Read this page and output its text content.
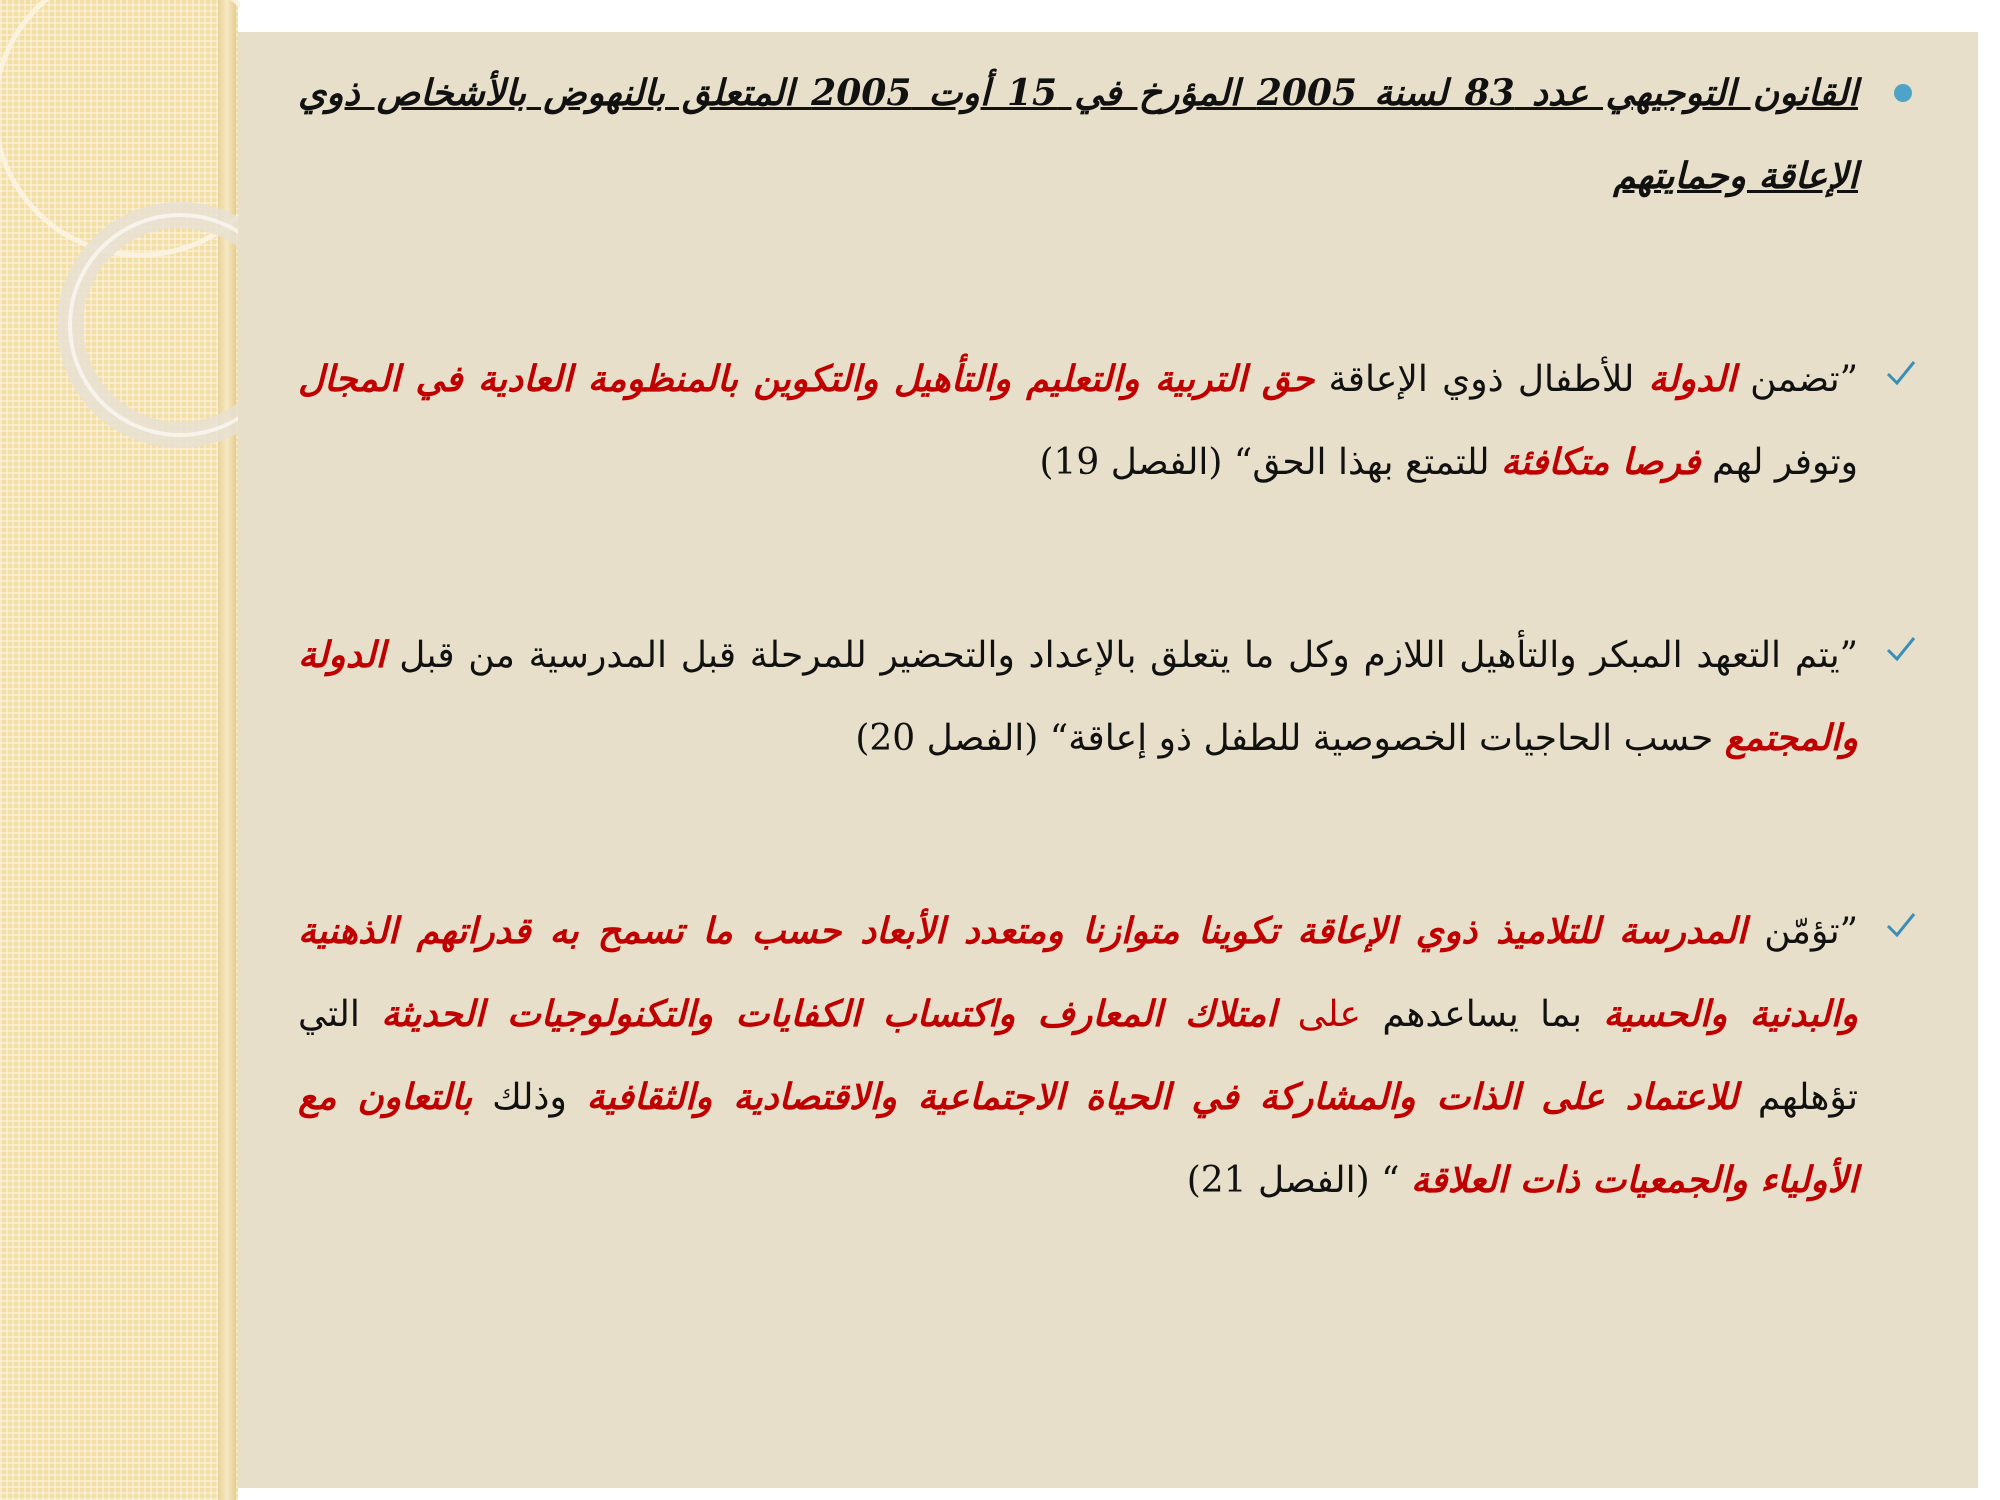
القانون التوجيهي عدد 83 لسنة 2005 المؤرخ في 15 أوت 2005 المتعلق بالنهوض بالأشخاص ذوي الإعاقة وحمايتهم
”تضمن الدولة للأطفال ذوي الإعاقة حق التربية والتعليم والتأهيل والتكوين بالمنظومة العادية في المجال وتوفر لهم فرصا متكافئة للتمتع بهذا الحق“ (الفصل 19)
”يتم التعهد المبكر والتأهيل اللازم وكل ما يتعلق بالإعداد والتحضير للمرحلة قبل المدرسية من قبل الدولة والمجتمع حسب الحاجيات الخصوصية للطفل ذو إعاقة“ (الفصل 20)
”تؤمّن المدرسة للتلاميذ ذوي الإعاقة تكوينا متوازنا ومتعدد الأبعاد حسب ما تسمح به قدراتهم الذهنية والبدنية والحسية بما يساعدهم على امتلاك المعارف واكتساب الكفايات والتكنولوجيات الحديثة التي تؤهلهم للاعتماد على الذات والمشاركة في الحياة الاجتماعية والاقتصادية والثقافية وذلك بالتعاون مع الأولياء والجمعيات ذات العلاقة “ (الفصل 21)
